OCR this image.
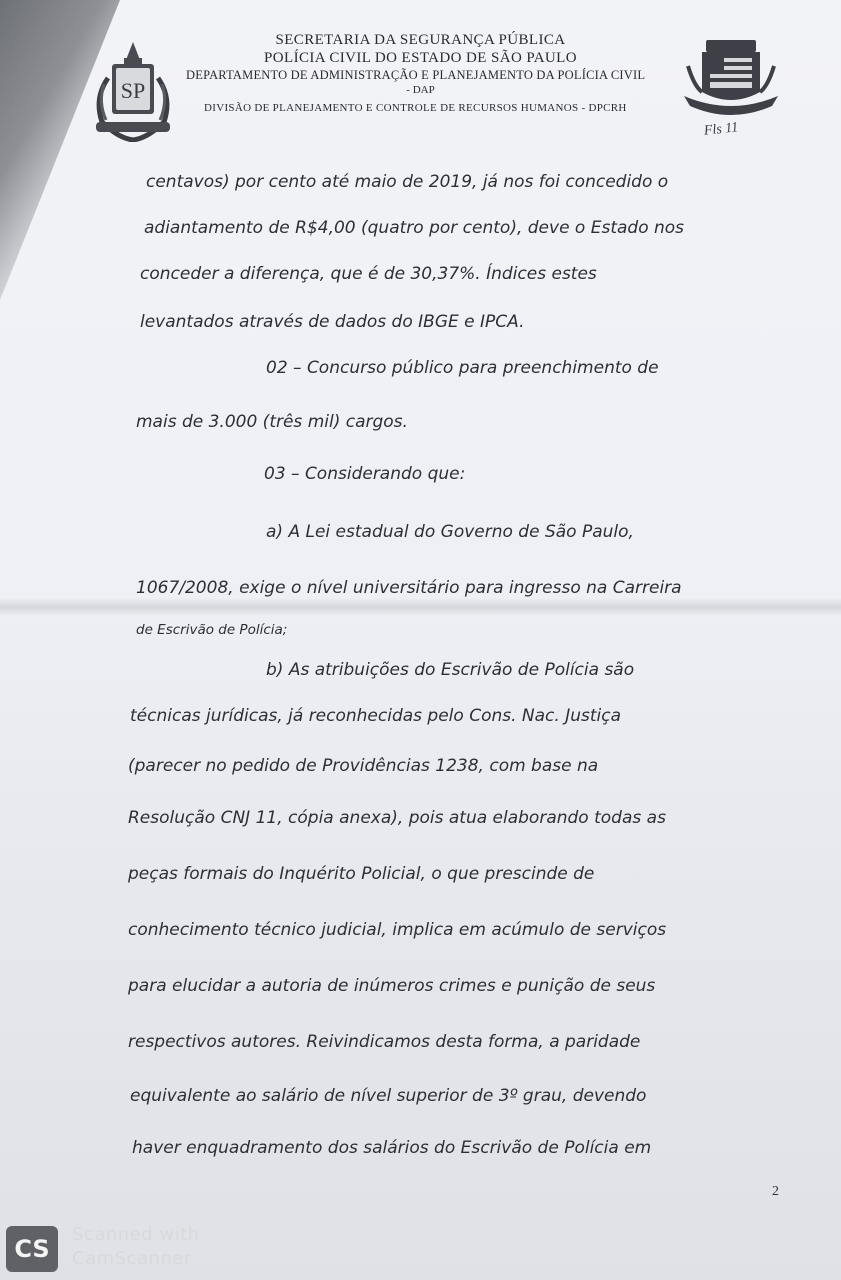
SP
SECRETARIA DA SEGURANÇA PÚBLICA
POLÍCIA CIVIL DO ESTADO DE SÃO PAULO
DEPARTAMENTO DE ADMINISTRAÇÃO E PLANEJAMENTO DA POLÍCIA CIVIL
- DAP
DIVISÃO DE PLANEJAMENTO E CONTROLE DE RECURSOS HUMANOS - DPCRH
Fls 11
centavos) por cento até maio de 2019, já nos foi concedido o
adiantamento de R$4,00 (quatro por cento), deve o Estado nos
conceder a diferença, que é de 30,37%. Índices estes
levantados através de dados do IBGE e IPCA.
02 – Concurso público para preenchimento de
mais de 3.000 (três mil) cargos.
03 – Considerando que:
a) A Lei estadual do Governo de São Paulo,
1067/2008, exige o nível universitário para ingresso na Carreira
de Escrivão de Polícia;
b) As atribuições do Escrivão de Polícia são
técnicas jurídicas, já reconhecidas pelo Cons. Nac. Justiça
(parecer no pedido de Providências 1238, com base na
Resolução CNJ 11, cópia anexa), pois atua elaborando todas as
peças formais do Inquérito Policial, o que prescinde de
conhecimento técnico judicial, implica em acúmulo de serviços
para elucidar a autoria de inúmeros crimes e punição de seus
respectivos autores. Reivindicamos desta forma, a paridade
equivalente ao salário de nível superior de 3º grau, devendo
haver enquadramento dos salários do Escrivão de Polícia em
2
CS
Scanned with
CamScanner
